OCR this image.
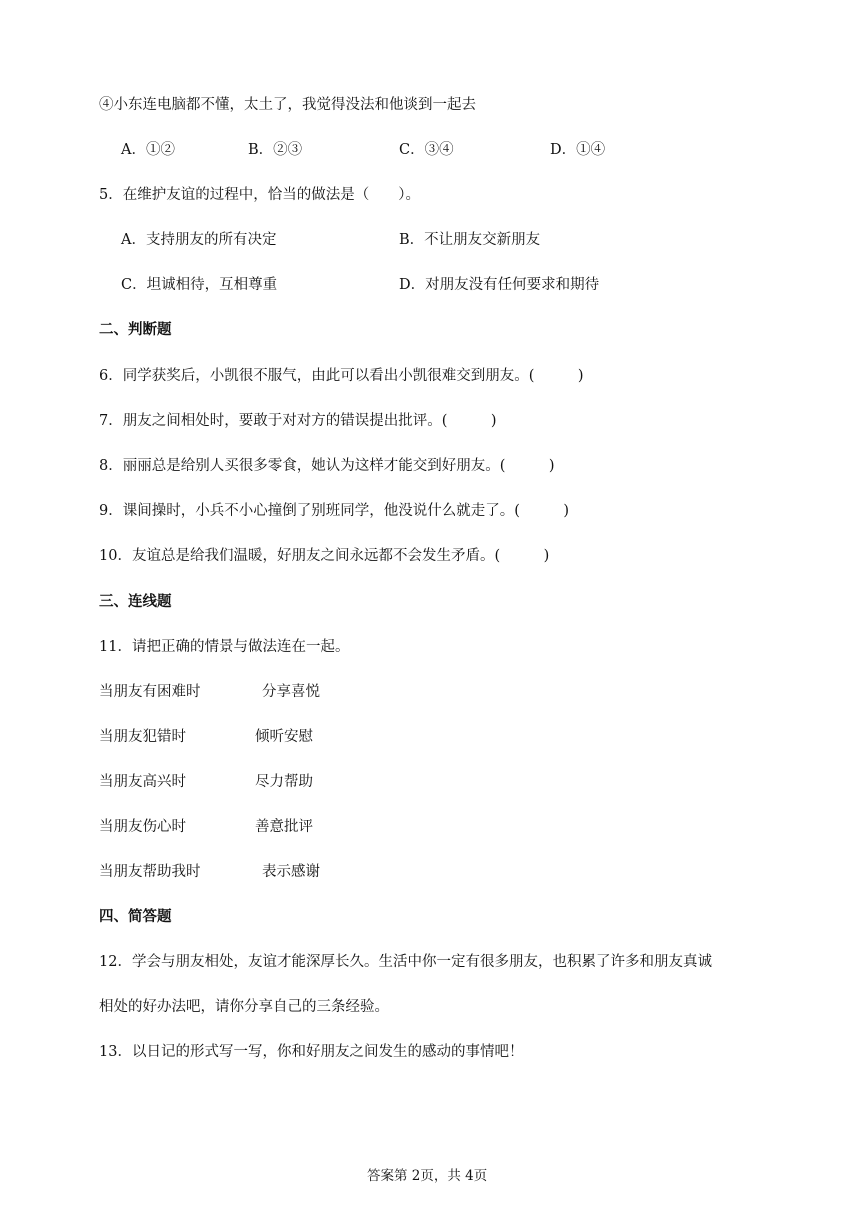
④小东连电脑都不懂，太土了，我觉得没法和他谈到一起去
A．①②	B．②③	C．③④	D．①④
5．在维护友谊的过程中，恰当的做法是（　　）。
A．支持朋友的所有决定	B．不让朋友交新朋友
C．坦诚相待，互相尊重	D．对朋友没有任何要求和期待
二、判断题
6．同学获奖后，小凯很不服气，由此可以看出小凯很难交到朋友。(　　　)
7．朋友之间相处时，要敢于对对方的错误提出批评。(　　　)
8．丽丽总是给别人买很多零食，她认为这样才能交到好朋友。(　　　)
9．课间操时，小兵不小心撞倒了别班同学，他没说什么就走了。(　　　)
10．友谊总是给我们温暖，好朋友之间永远都不会发生矛盾。(　　　)
三、连线题
11．请把正确的情景与做法连在一起。
当朋友有困难时	分享喜悦
当朋友犯错时	倾听安慰
当朋友高兴时	尽力帮助
当朋友伤心时	善意批评
当朋友帮助我时	表示感谢
四、简答题
12．学会与朋友相处，友谊才能深厚长久。生活中你一定有很多朋友，也积累了许多和朋友真诚
相处的好办法吧，请你分享自己的三条经验。
13．以日记的形式写一写，你和好朋友之间发生的感动的事情吧！
答案第 2页，共 4页
